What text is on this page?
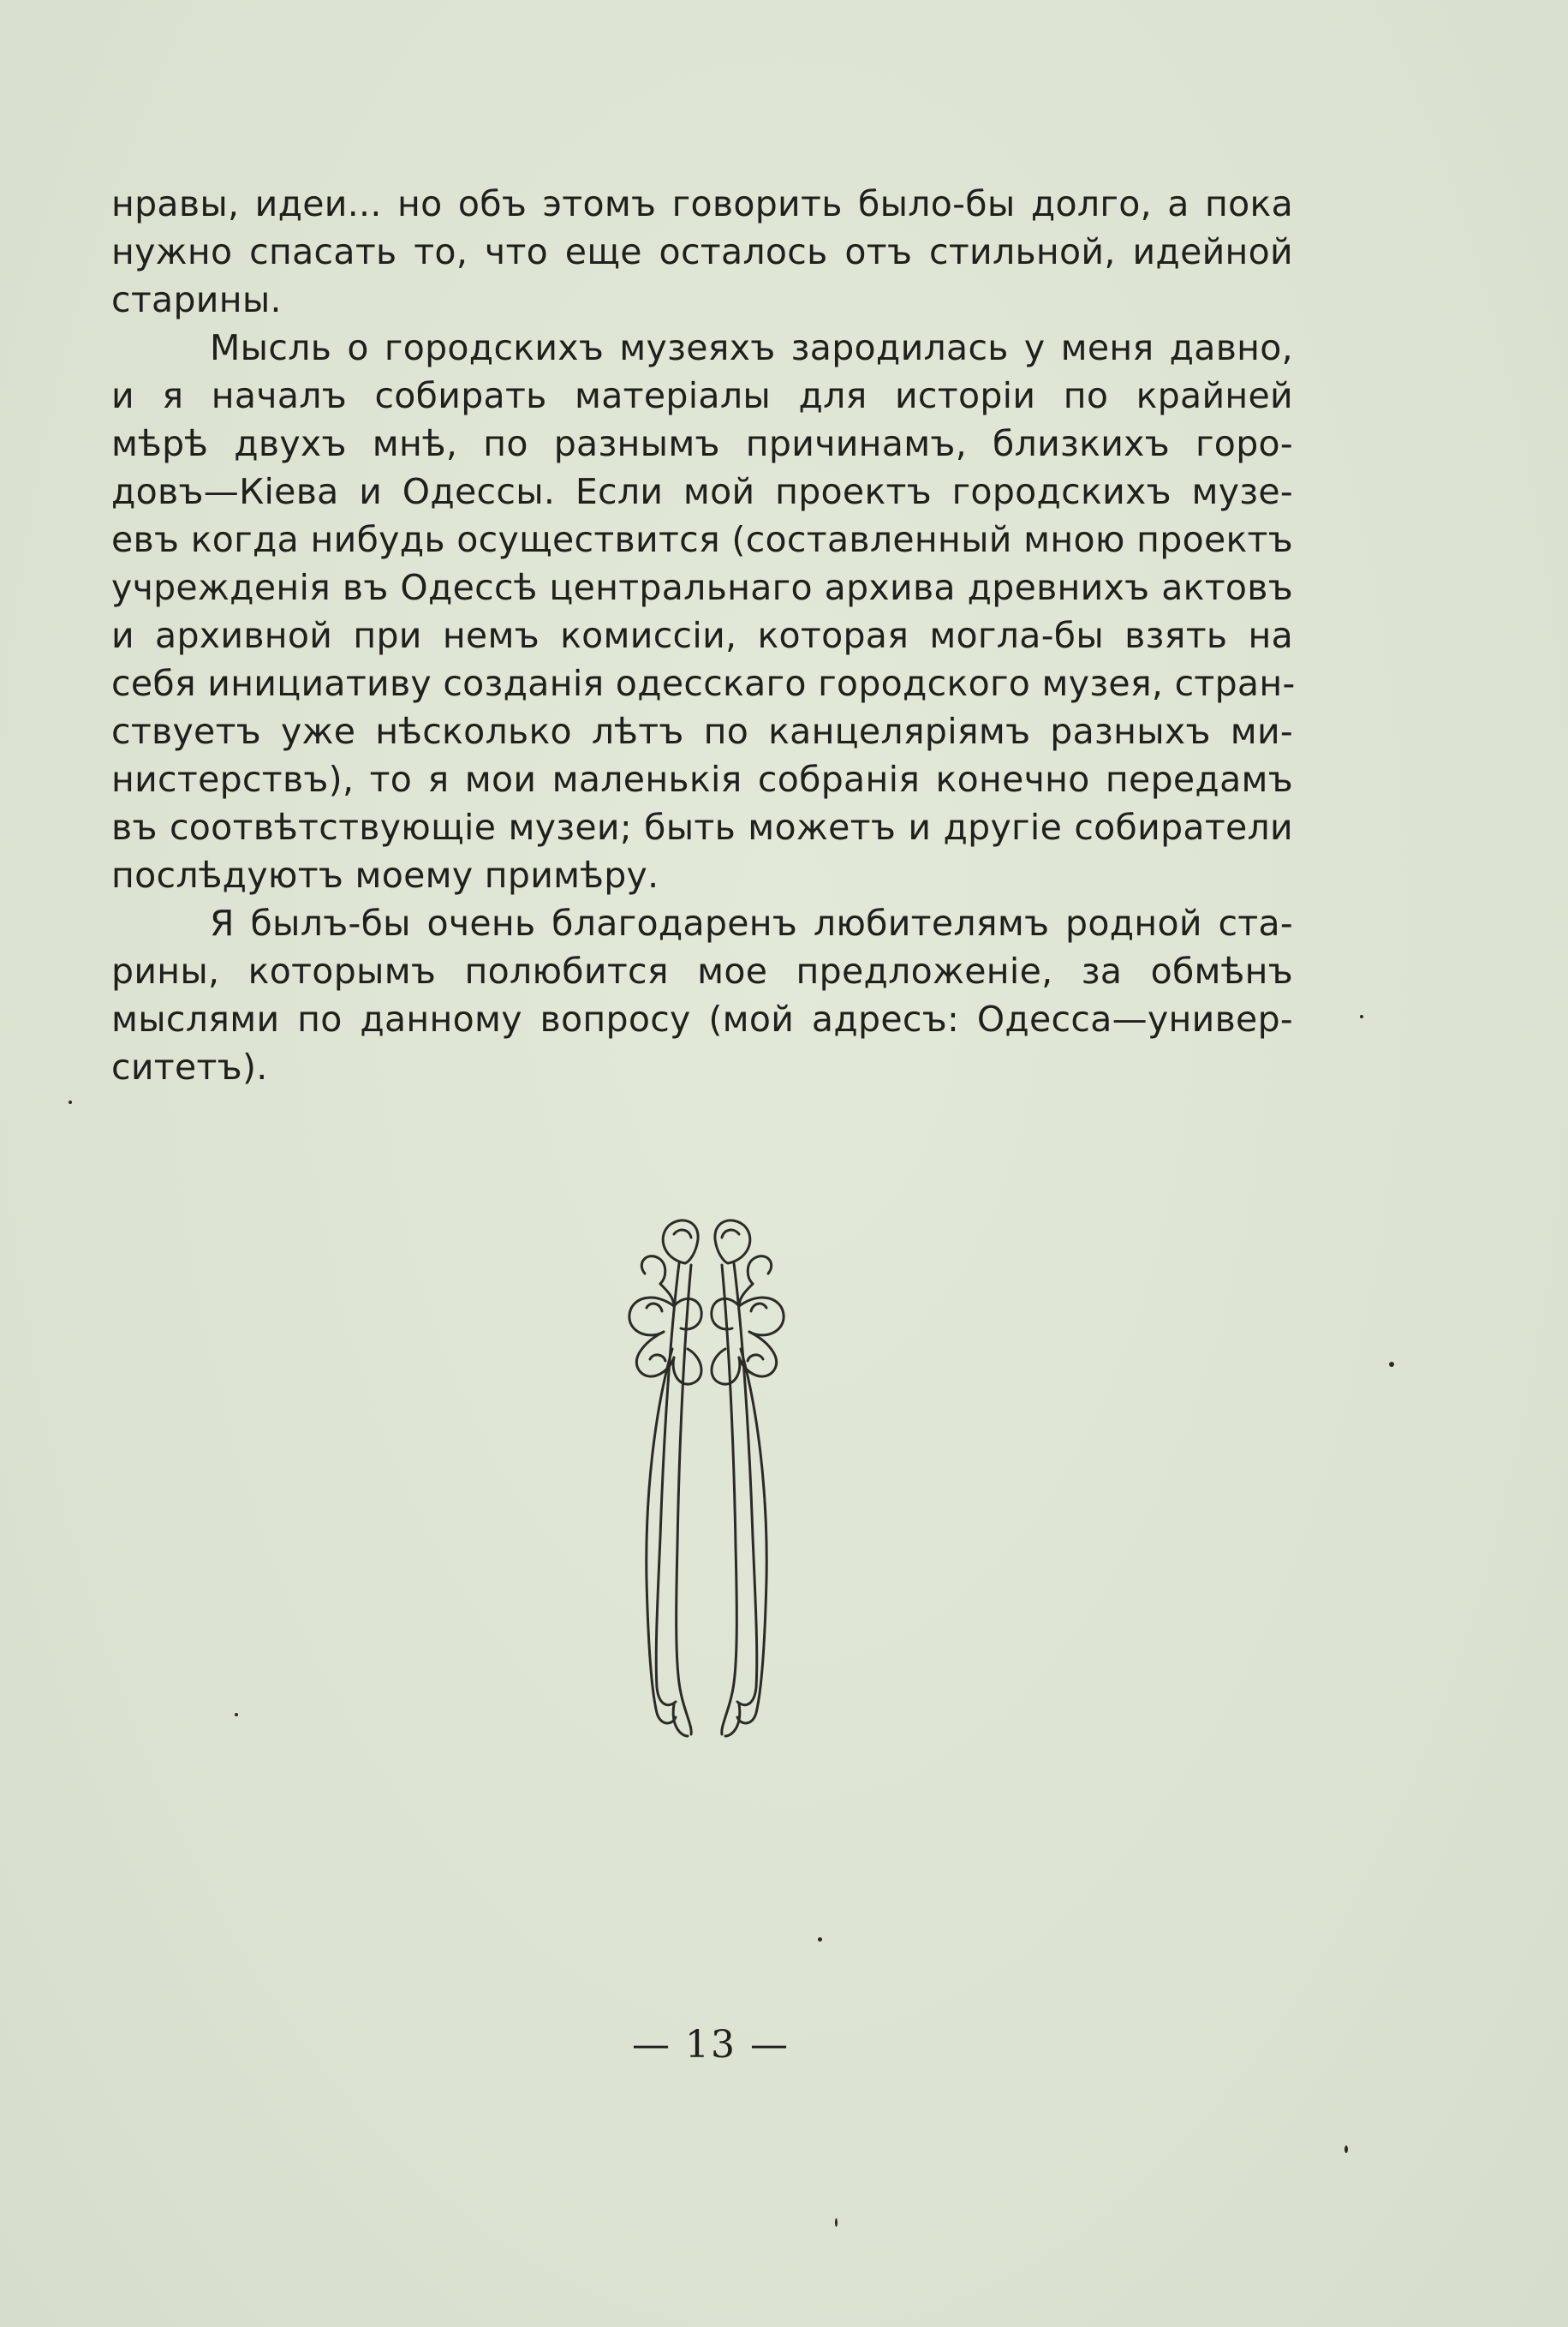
нравы, идеи... но объ этомъ говорить было-бы долго, а пока
нужно спасать то, что еще осталось отъ стильной, идейной
старины.
Мысль о городскихъ музеяхъ зародилась у меня давно,
и я началъ собирать матеріалы для исторіи по крайней
мѣрѣ двухъ мнѣ, по разнымъ причинамъ, близкихъ горо-
довъ—Кіева и Одессы. Если мой проектъ городскихъ музе-
евъ когда нибудь осуществится (составленный мною проектъ
учрежденія въ Одессѣ центральнаго архива древнихъ актовъ
и архивной при немъ комиссіи, которая могла-бы взять на
себя инициативу созданія одесскаго городского музея, стран-
ствуетъ уже нѣсколько лѣтъ по канцеляріямъ разныхъ ми-
нистерствъ), то я мои маленькія собранія конечно передамъ
въ соотвѣтствующіе музеи; быть можетъ и другіе собиратели
послѣдуютъ моему примѣру.
Я былъ-бы очень благодаренъ любителямъ родной ста-
рины, которымъ полюбится мое предложеніе, за обмѣнъ
мыслями по данному вопросу (мой адресъ: Одесса—универ-
ситетъ).
— 13 —
